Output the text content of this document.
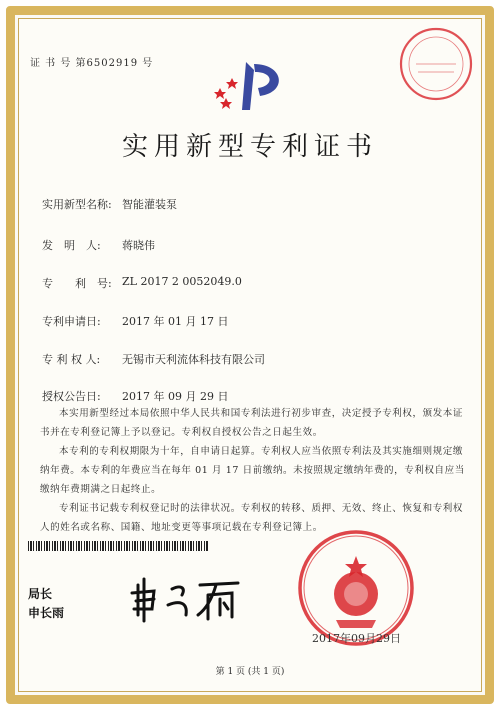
证 书 号 第6502919 号
实用新型专利证书
实用新型名称: 智能灌装泵
发　明　人: 蒋晓伟
专　　利　号: ZL 2017 2 0052049.0
专利申请日: 2017 年 01 月 17 日
专 利 权 人: 无锡市天利流体科技有限公司
授权公告日: 2017 年 09 月 29 日
本实用新型经过本局依照中华人民共和国专利法进行初步审查，决定授予专利权，颁发本证书并在专利登记簿上予以登记。专利权自授权公告之日起生效。
本专利的专利权期限为十年，自申请日起算。专利权人应当依照专利法及其实施细则规定缴纳年费。本专利的年费应当在每年 01 月 17 日前缴纳。未按照规定缴纳年费的，专利权自应当缴纳年费期满之日起终止。
专利证书记载专利权登记时的法律状况。专利权的转移、质押、无效、终止、恢复和专利权人的姓名或名称、国籍、地址变更等事项记载在专利登记簿上。
局长
申长雨
2017年09月29日
第 1 页 (共 1 页)
